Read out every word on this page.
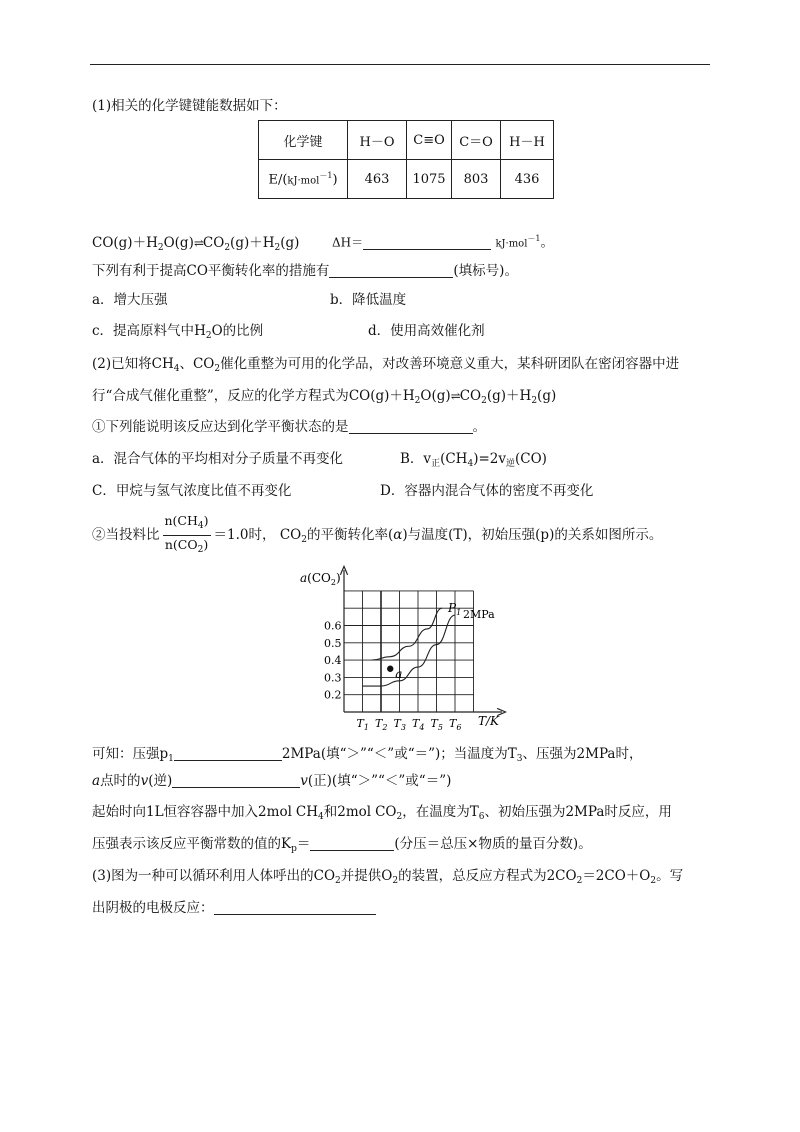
(1)相关的化学键键能数据如下：
化学键	H－O	C≡O	C＝O	H－H
E/(kJ·mol$^{-1}$)	463	1075	803	436
$CO(g)+H_2O(g)\rightleftharpoons CO_2(g)+H_2(g)$	ΔH＝	kJ·mol$^{-1}$。
下列有利于提高CO平衡转化率的措施有	(填标号)。
a．增大压强	b．降低温度
c．提高原料气中$H_2O$的比例	d．使用高效催化剂
(2)已知将$CH_4$、$CO_2$催化重整为可用的化学品，对改善环境意义重大，某科研团队在密闭容器中进
行“合成气催化重整”，反应的化学方程式为$CO(g)+H_2O(g)\rightleftharpoons CO_2(g)+H_2(g)$
①下列能说明该反应达到化学平衡状态的是	。
a．混合气体的平均相对分子质量不再变化	B．$v_正(CH_4)=2v_逆(CO)$
C．甲烷与氢气浓度比值不再变化	D．容器内混合气体的密度不再变化
②当投料比 $\frac{n(CH_4)}{n(CO_2)} =1.0$时， $CO_2$的平衡转化率(α)与温度(T)，初始压强(p)的关系如图所示。
$a(CO_2)$
T/K
0.2
0.3
0.4
0.5
0.6
$T_1$ $T_2$ $T_3$ $T_4$ $T_5$ $T_6$
a
$P_1$ 2MPa
可知：压强$p_1$	2MPa(填“＞”“＜”或“＝”)；当温度为$T_3$、压强为2MPa时，
a点时的v(逆)	v(正)(填“＞”“＜”或“＝”)
起始时向1L恒容容器中加入2mol $CH_4$和2mol $CO_2$，在温度为$T_6$、初始压强为2MPa时反应，用
压强表示该反应平衡常数的值的$K_p=$	(分压＝总压×物质的量百分数)。
(3)图为一种可以循环利用人体呼出的$CO_2$并提供$O_2$的装置，总反应方程式为$2CO_2=2CO+O_2$。写
出阴极的电极反应：
